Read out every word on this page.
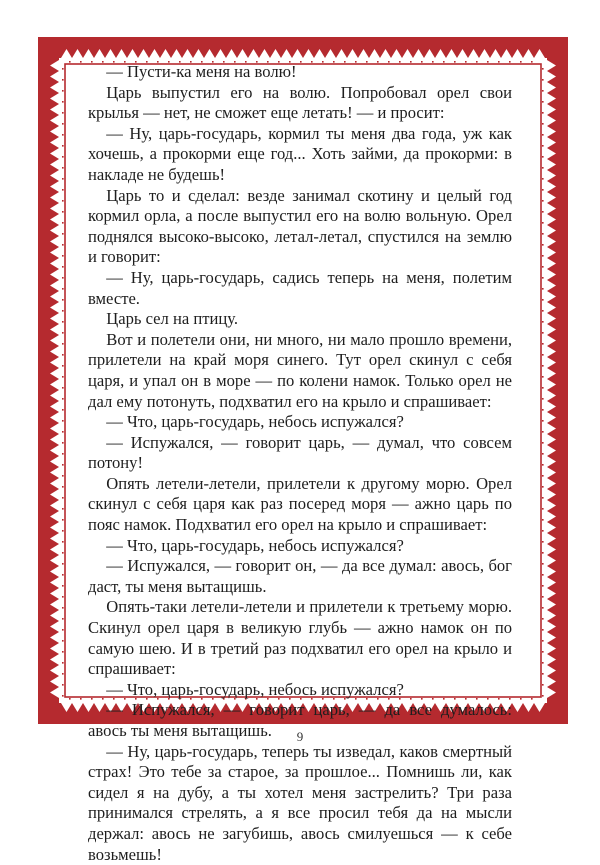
— Пусти-ка меня на волю!

Царь выпустил его на волю. Попробовал орел свои крылья — нет, не сможет еще летать! — и просит:

— Ну, царь-государь, кормил ты меня два года, уж как хочешь, а прокорми еще год... Хоть займи, да прокорми: в накладе не будешь!

Царь то и сделал: везде занимал скотину и целый год кормил орла, а после выпустил его на волю вольную. Орел поднялся высоко-высоко, летал-летал, спустился на землю и говорит:

— Ну, царь-государь, садись теперь на меня, полетим вместе.

Царь сел на птицу.

Вот и полетели они, ни много, ни мало прошло времени, прилетели на край моря синего. Тут орел скинул с себя царя, и упал он в море — по колени намок. Только орел не дал ему потонуть, подхватил его на крыло и спрашивает:

— Что, царь-государь, небось испужался?

— Испужался, — говорит царь, — думал, что совсем потону!

Опять летели-летели, прилетели к другому морю. Орел скинул с себя царя как раз посеред моря — ажно царь по пояс намок. Подхватил его орел на крыло и спрашивает:

— Что, царь-государь, небось испужался?

— Испужался, — говорит он, — да все думал: авось, бог даст, ты меня вытащишь.

Опять-таки летели-летели и прилетели к третьему морю. Скинул орел царя в великую глубь — ажно намок он по самую шею. И в третий раз подхватил его орел на крыло и спрашивает:

— Что, царь-государь, небось испужался?

— Испужался, — говорит царь, — да все думалось: авось ты меня вытащишь.

— Ну, царь-государь, теперь ты изведал, каков смертный страх! Это тебе за старое, за прошлое... Помнишь ли, как сидел я на дубу, а ты хотел меня застрелить? Три раза принимался стрелять, а я все просил тебя да на мысли держал: авось не загубишь, авось смилуешься — к себе возьмешь!

9
